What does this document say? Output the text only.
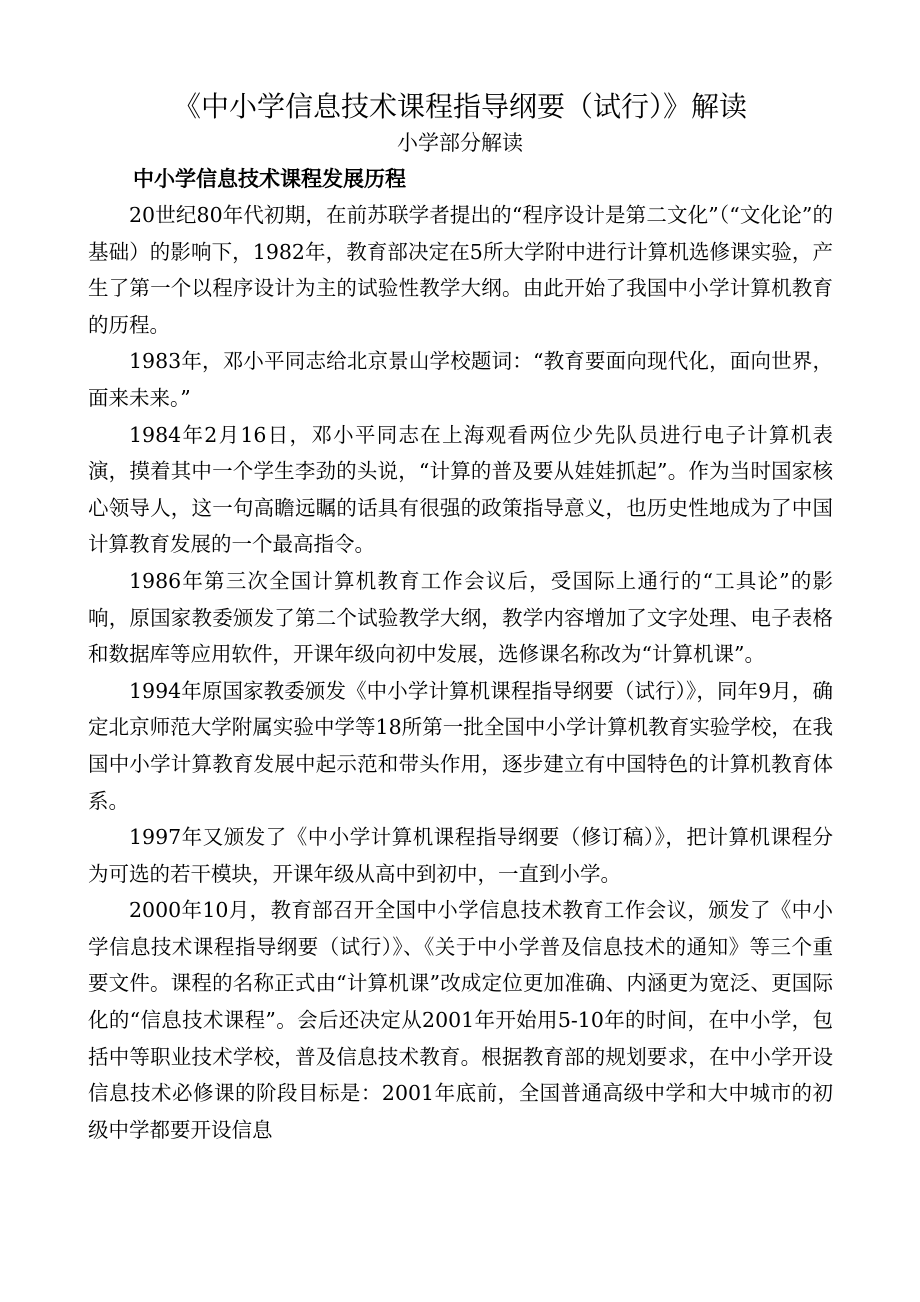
《中小学信息技术课程指导纲要（试行）》解读
小学部分解读
中小学信息技术课程发展历程

20世纪80年代初期，在前苏联学者提出的“程序设计是第二文化”（“文化论”的基础）的影响下，1982年，教育部决定在5所大学附中进行计算机选修课实验，产生了第一个以程序设计为主的试验性教学大纲。由此开始了我国中小学计算机教育的历程。

1983年，邓小平同志给北京景山学校题词：“教育要面向现代化，面向世界，面来未来。”

1984年2月16日，邓小平同志在上海观看两位少先队员进行电子计算机表演，摸着其中一个学生李劲的头说，“计算的普及要从娃娃抓起”。作为当时国家核心领导人，这一句高瞻远瞩的话具有很强的政策指导意义，也历史性地成为了中国计算教育发展的一个最高指令。

1986年第三次全国计算机教育工作会议后，受国际上通行的“工具论”的影响，原国家教委颁发了第二个试验教学大纲，教学内容增加了文字处理、电子表格和数据库等应用软件，开课年级向初中发展，选修课名称改为“计算机课”。

1994年原国家教委颁发《中小学计算机课程指导纲要（试行）》，同年9月，确定北京师范大学附属实验中学等18所第一批全国中小学计算机教育实验学校，在我国中小学计算教育发展中起示范和带头作用，逐步建立有中国特色的计算机教育体系。

1997年又颁发了《中小学计算机课程指导纲要（修订稿）》，把计算机课程分为可选的若干模块，开课年级从高中到初中，一直到小学。

2000年10月，教育部召开全国中小学信息技术教育工作会议，颁发了《中小学信息技术课程指导纲要（试行）》、《关于中小学普及信息技术的通知》等三个重要文件。课程的名称正式由“计算机课”改成定位更加准确、内涵更为宽泛、更国际化的“信息技术课程”。会后还决定从2001年开始用5-10年的时间，在中小学，包括中等职业技术学校，普及信息技术教育。根据教育部的规划要求，在中小学开设信息技术必修课的阶段目标是：2001年底前，全国普通高级中学和大中城市的初级中学都要开设信息
